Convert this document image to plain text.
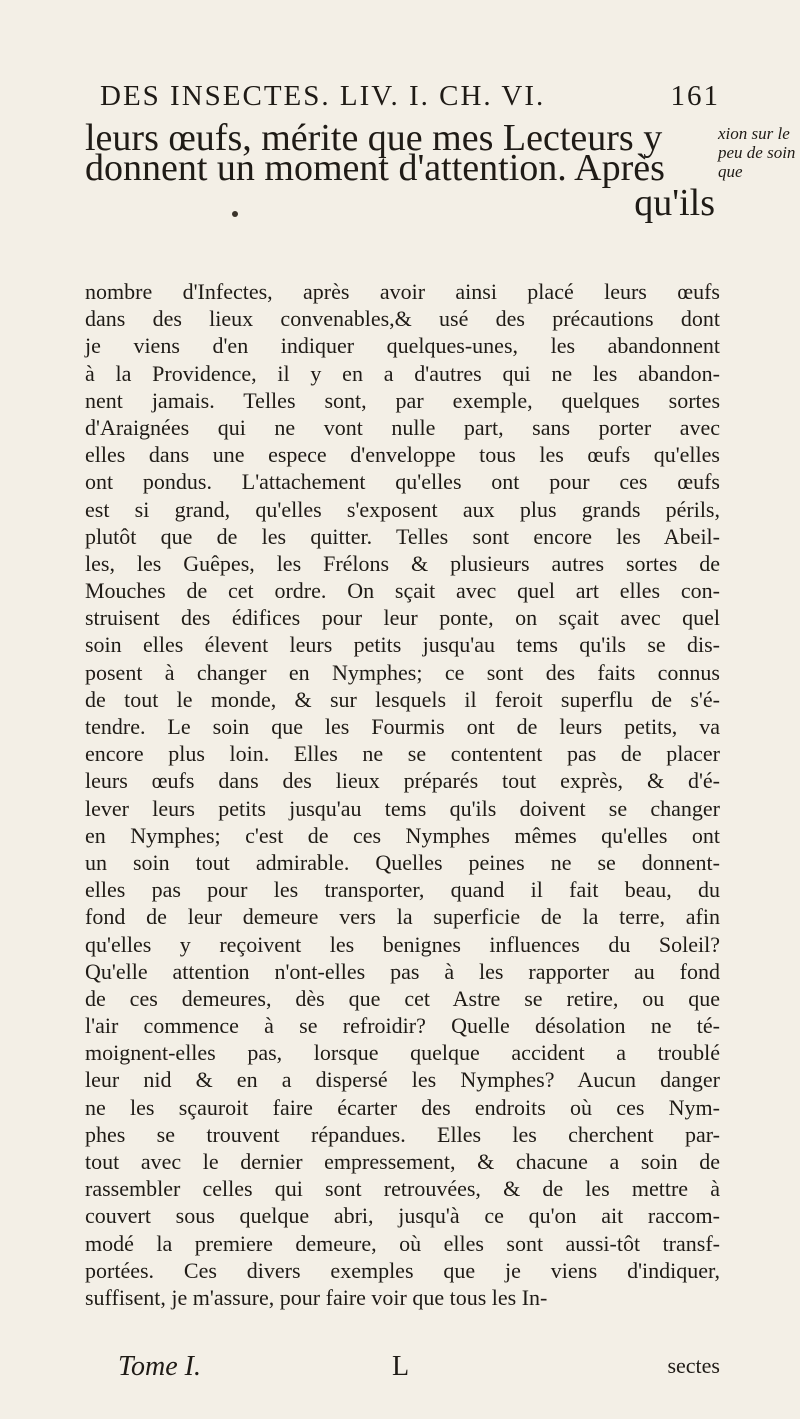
DES INSECTES. LIV. I. CH. VI.	161
leurs œufs, mérite que mes Lecteurs y
donnent un moment d'attention. Après
qu'ils
xion sur le peu de soin que
nombre d'Infectes, après avoir ainsi placé leurs œufs
dans des lieux convenables,& usé des précautions dont
je viens d'en indiquer quelques-unes, les abandonnent
à la Providence, il y en a d'autres qui ne les abandon-
nent jamais. Telles sont, par exemple, quelques sortes
d'Araignées qui ne vont nulle part, sans porter avec
elles dans une espece d'enveloppe tous les œufs qu'elles
ont pondus. L'attachement qu'elles ont pour ces œufs
est si grand, qu'elles s'exposent aux plus grands périls,
plutôt que de les quitter. Telles sont encore les Abeil-
les, les Guêpes, les Frélons & plusieurs autres sortes de
Mouches de cet ordre. On sçait avec quel art elles con-
struisent des édifices pour leur ponte, on sçait avec quel
soin elles élevent leurs petits jusqu'au tems qu'ils se dis-
posent à changer en Nymphes; ce sont des faits connus
de tout le monde, & sur lesquels il feroit superflu de s'é-
tendre. Le soin que les Fourmis ont de leurs petits, va
encore plus loin. Elles ne se contentent pas de placer
leurs œufs dans des lieux préparés tout exprès, & d'é-
lever leurs petits jusqu'au tems qu'ils doivent se changer
en Nymphes; c'est de ces Nymphes mêmes qu'elles ont
un soin tout admirable. Quelles peines ne se donnent-
elles pas pour les transporter, quand il fait beau, du
fond de leur demeure vers la superficie de la terre, afin
qu'elles y reçoivent les benignes influences du Soleil?
Qu'elle attention n'ont-elles pas à les rapporter au fond
de ces demeures, dès que cet Astre se retire, ou que
l'air commence à se refroidir? Quelle désolation ne té-
moignent-elles pas, lorsque quelque accident a troublé
leur nid & en a dispersé les Nymphes? Aucun danger
ne les sçauroit faire écarter des endroits où ces Nym-
phes se trouvent répandues. Elles les cherchent par-
tout avec le dernier empressement, & chacune a soin de
rassembler celles qui sont retrouvées, & de les mettre à
couvert sous quelque abri, jusqu'à ce qu'on ait raccom-
modé la premiere demeure, où elles sont aussi-tôt transf-
portées. Ces divers exemples que je viens d'indiquer,
suffisent, je m'assure, pour faire voir que tous les In-
Tome I.	L	sectes
